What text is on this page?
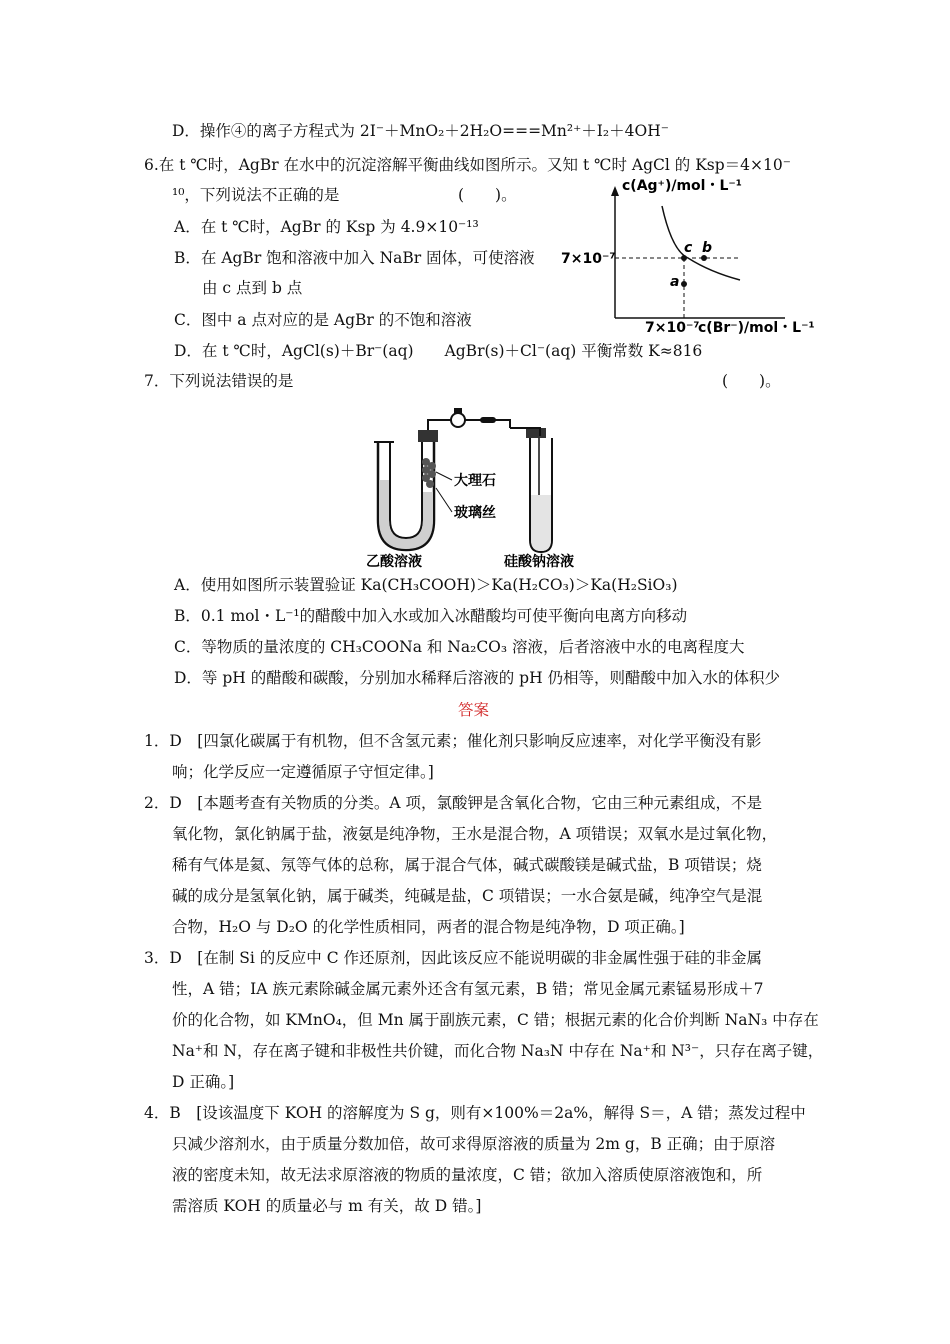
D．操作④的离子方程式为 2I⁻＋MnO₂＋2H₂O===Mn²⁺＋I₂＋4OH⁻
6.在 t ℃时，AgBr 在水中的沉淀溶解平衡曲线如图所示。又知 t ℃时 AgCl 的 Ksp＝4×10⁻
¹⁰，下列说法不正确的是	(　　)。
A．在 t ℃时，AgBr 的 Ksp 为 4.9×10⁻¹³
B．在 AgBr 饱和溶液中加入 NaBr 固体，可使溶液
由 c 点到 b 点
C．图中 a 点对应的是 AgBr 的不饱和溶液
D．在 t ℃时，AgCl(s)＋Br⁻(aq)　　AgBr(s)＋Cl⁻(aq) 平衡常数 K≈816
c(Ag⁺)/mol・L⁻¹
7×10⁻⁷
7×10⁻⁷
c(Br⁻)/mol・L⁻¹
c b
a
7．下列说法错误的是	(　　)。
大理石
玻璃丝
乙酸溶液	硅酸钠溶液
A．使用如图所示装置验证 Ka(CH₃COOH)＞Ka(H₂CO₃)＞Ka(H₂SiO₃)
B．0.1 mol・L⁻¹的醋酸中加入水或加入冰醋酸均可使平衡向电离方向移动
C．等物质的量浓度的 CH₃COONa 和 Na₂CO₃ 溶液，后者溶液中水的电离程度大
D．等 pH 的醋酸和碳酸，分别加水稀释后溶液的 pH 仍相等，则醋酸中加入水的体积少
答案
1．D　[四氯化碳属于有机物，但不含氢元素；催化剂只影响反应速率，对化学平衡没有影
响；化学反应一定遵循原子守恒定律。]
2．D　[本题考查有关物质的分类。A 项，氯酸钾是含氧化合物，它由三种元素组成，不是
氧化物，氯化钠属于盐，液氨是纯净物，王水是混合物，A 项错误；双氧水是过氧化物，
稀有气体是氦、氖等气体的总称，属于混合气体，碱式碳酸镁是碱式盐，B 项错误；烧
碱的成分是氢氧化钠，属于碱类，纯碱是盐，C 项错误；一水合氨是碱，纯净空气是混
合物，H₂O 与 D₂O 的化学性质相同，两者的混合物是纯净物，D 项正确。]
3．D　[在制 Si 的反应中 C 作还原剂，因此该反应不能说明碳的非金属性强于硅的非金属
性，A 错；ⅠA 族元素除碱金属元素外还含有氢元素，B 错；常见金属元素锰易形成＋7
价的化合物，如 KMnO₄，但 Mn 属于副族元素，C 错；根据元素的化合价判断 NaN₃ 中存在
Na⁺和 N，存在离子键和非极性共价键，而化合物 Na₃N 中存在 Na⁺和 N³⁻，只存在离子键，
D 正确。]
4．B　[设该温度下 KOH 的溶解度为 S g，则有×100%＝2a%，解得 S＝，A 错；蒸发过程中
只减少溶剂水，由于质量分数加倍，故可求得原溶液的质量为 2m g，B 正确；由于原溶
液的密度未知，故无法求原溶液的物质的量浓度，C 错；欲加入溶质使原溶液饱和，所
需溶质 KOH 的质量必与 m 有关，故 D 错。]
